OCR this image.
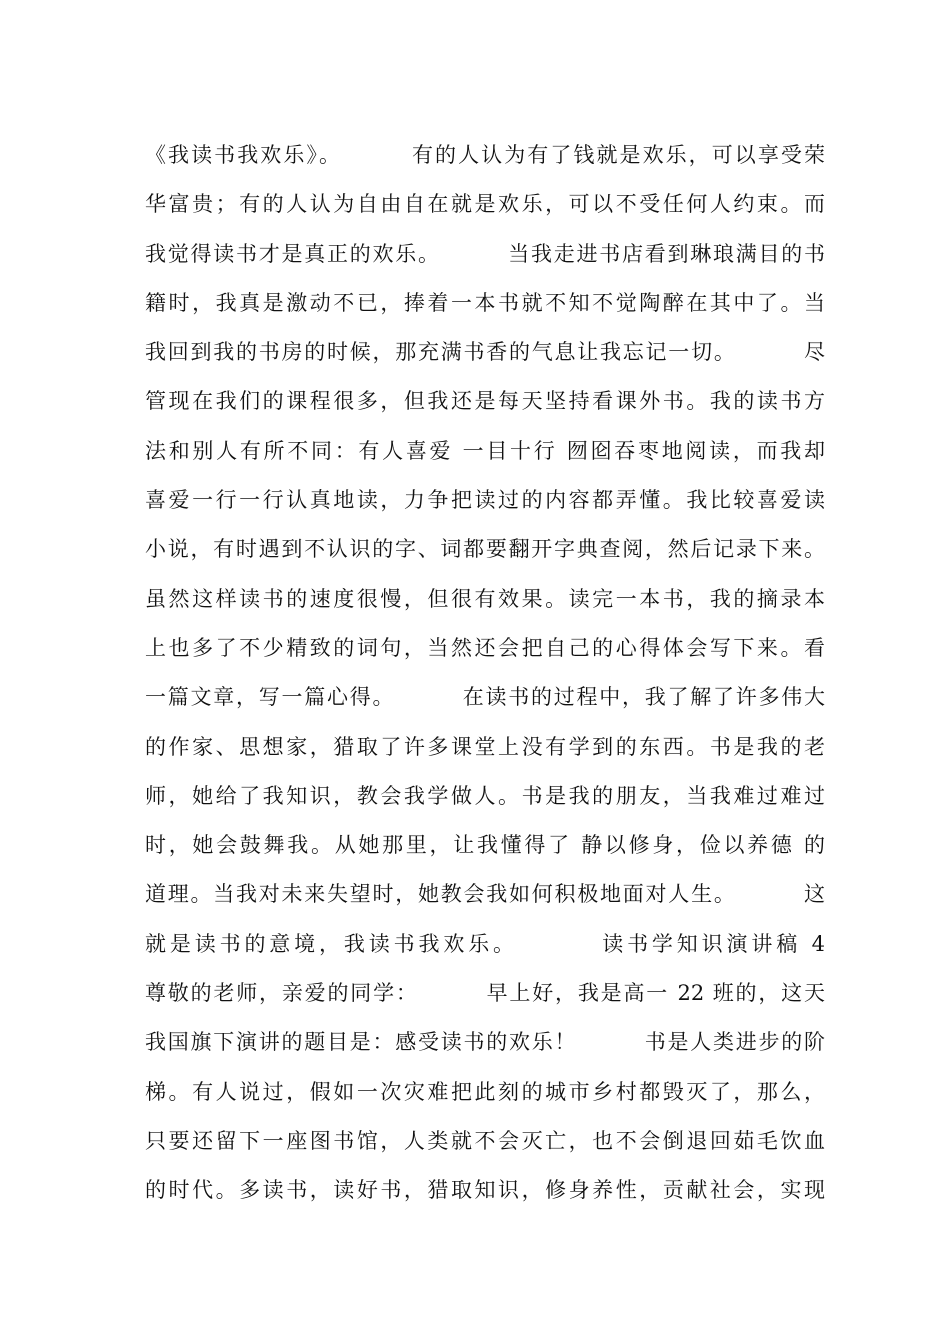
《我读书我欢乐》。        有的人认为有了钱就是欢乐，可以享受荣
华富贵；有的人认为自由自在就是欢乐，可以不受任何人约束。而
我觉得读书才是真正的欢乐。        当我走进书店看到琳琅满目的书
籍时，我真是激动不已，捧着一本书就不知不觉陶醉在其中了。当
我回到我的书房的时候，那充满书香的气息让我忘记一切。        尽
管现在我们的课程很多，但我还是每天坚持看课外书。我的读书方
法和别人有所不同：有人喜爱 一目十行 囫囵吞枣地阅读，而我却
喜爱一行一行认真地读，力争把读过的内容都弄懂。我比较喜爱读
小说，有时遇到不认识的字、词都要翻开字典查阅，然后记录下来。
虽然这样读书的速度很慢，但很有效果。读完一本书，我的摘录本
上也多了不少精致的词句，当然还会把自己的心得体会写下来。看
一篇文章，写一篇心得。        在读书的过程中，我了解了许多伟大
的作家、思想家，猎取了许多课堂上没有学到的东西。书是我的老
师，她给了我知识，教会我学做人。书是我的朋友，当我难过难过
时，她会鼓舞我。从她那里，让我懂得了 静以修身，俭以养德 的
道理。当我对未来失望时，她教会我如何积极地面对人生。        这
就是读书的意境，我读书我欢乐。        读书学知识演讲稿 4
尊敬的老师，亲爱的同学：        早上好，我是高一 22 班的，这天
我国旗下演讲的题目是：感受读书的欢乐！        书是人类进步的阶
梯。有人说过，假如一次灾难把此刻的城市乡村都毁灭了，那么，
只要还留下一座图书馆，人类就不会灭亡，也不会倒退回茹毛饮血
的时代。多读书，读好书，猎取知识，修身养性，贡献社会，实现
